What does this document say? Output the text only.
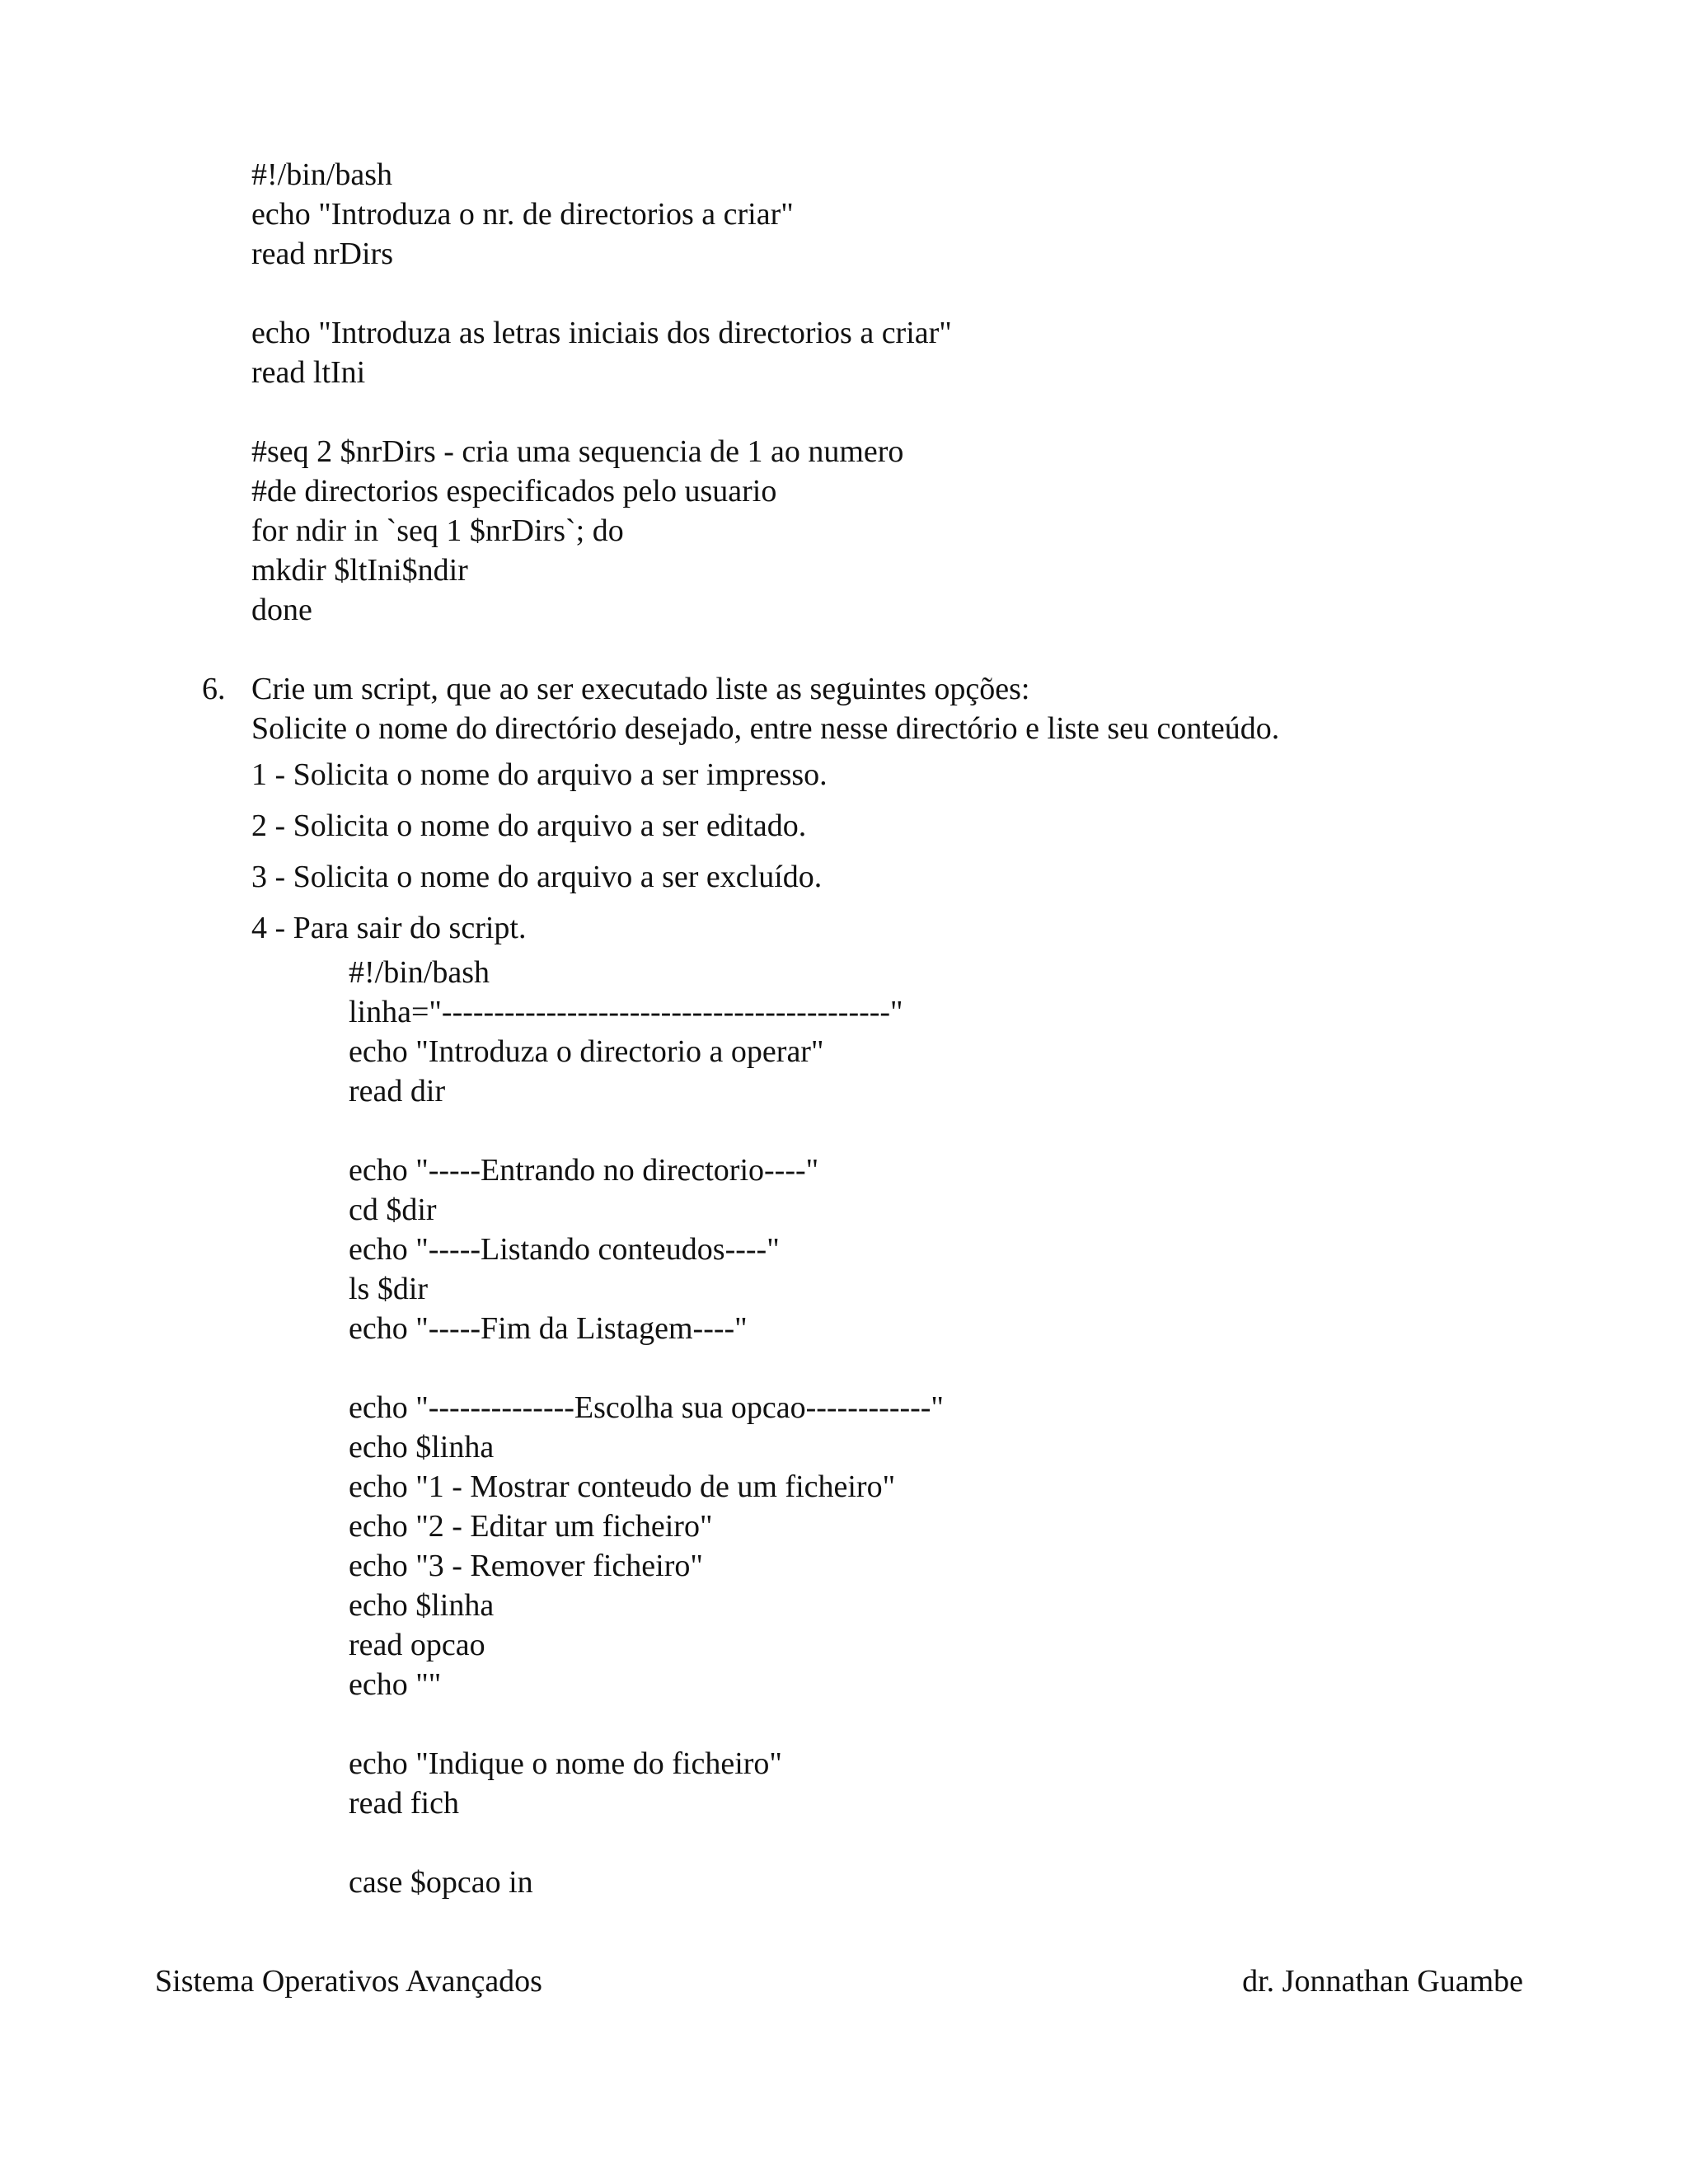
#!/bin/bash
echo "Introduza o nr. de directorios a criar"
read nrDirs
echo "Introduza as letras iniciais dos directorios a criar"
read ltIni
#seq 2 $nrDirs - cria uma sequencia de 1 ao numero
#de directorios especificados pelo usuario
for ndir in `seq 1 $nrDirs`; do
mkdir $ltIni$ndir
done
6. Crie um script, que ao ser executado liste as seguintes opções:
Solicite o nome do directório desejado, entre nesse directório e liste seu conteúdo.
1 - Solicita o nome do arquivo a ser impresso.
2 - Solicita o nome do arquivo a ser editado.
3 - Solicita o nome do arquivo a ser excluído.
4 - Para sair do script.
#!/bin/bash
linha="-------------------------------------------"
echo "Introduza o directorio a operar"
read dir
echo "-----Entrando no directorio----"
cd $dir
echo "-----Listando conteudos----"
ls $dir
echo "-----Fim da Listagem----"
echo "--------------Escolha sua opcao------------"
echo $linha
echo "1 - Mostrar conteudo de um ficheiro"
echo "2 - Editar um ficheiro"
echo "3 - Remover ficheiro"
echo $linha
read opcao
echo ""
echo "Indique o nome do ficheiro"
read fich
case $opcao in
Sistema Operativos Avançados	dr. Jonnathan Guambe
